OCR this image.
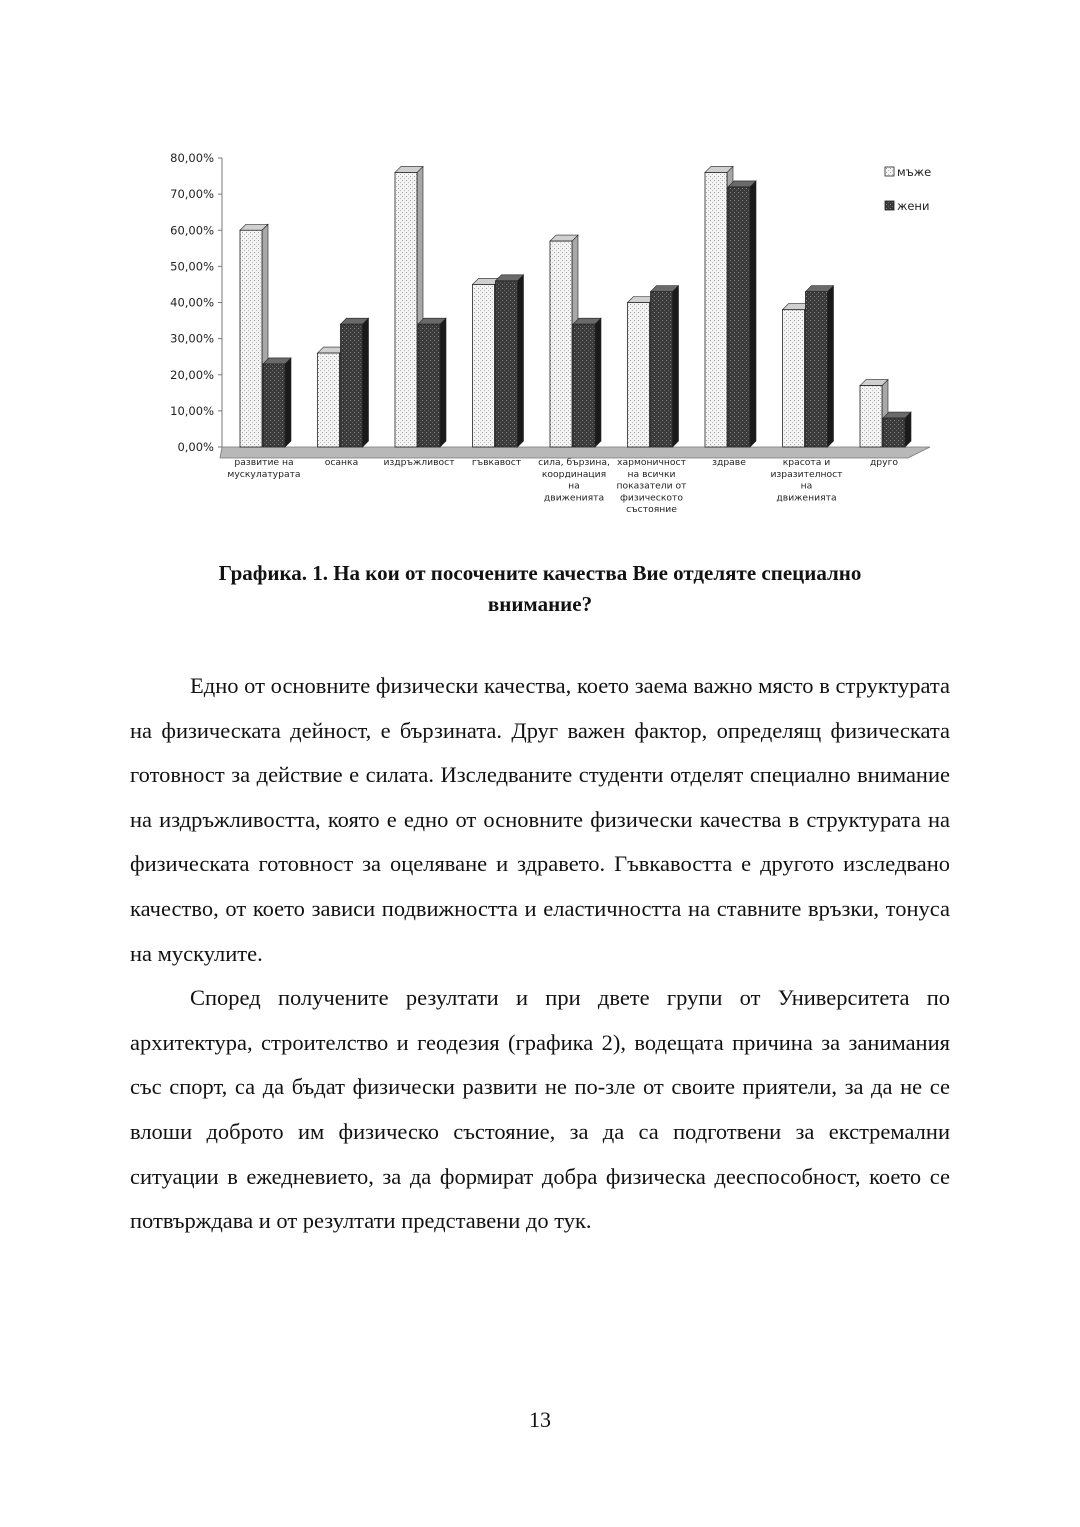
0,00%
10,00%
20,00%
30,00%
40,00%
50,00%
60,00%
70,00%
80,00%
развитие на мускулатурата
осанка	издръжливост гъвкавост сила, бързина, координация на движенията
хармоничност на всички показатели от физическото състояние
здраве	красота и изразителност на движенията
друго
мъже
жени
Графика. 1. На кои от посочените качества Вие отделяте специално
внимание?

Едно от основните физически качества, което заема важно място в структурата на физическата дейност, е бързината. Друг важен фактор, определящ физическата готовност за действие е силата. Изследваните студенти отделят специално внимание на издръжливостта, която е едно от основните физически качества в структурата на физическата готовност за оцеляване и здравето. Гъвкавостта е другото изследвано качество, от което зависи подвижността и еластичността на ставните връзки, тонуса на мускулите.

Според получените резултати и при двете групи от Университета по архитектура, строителство и геодезия (графика 2), водещата причина за занимания със спорт, са да бъдат физически развити не по-зле от своите приятели, за да не се влоши доброто им физическо състояние, за да са подготвени за екстремални ситуации в ежедневието, за да формират добра физическа дееспособност, което се потвърждава и от резултати представени до тук.

13
